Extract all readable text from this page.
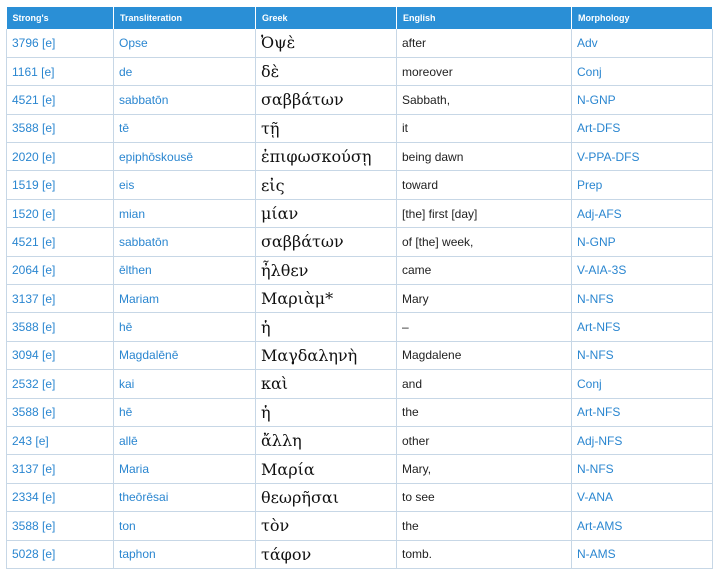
Strong's	Transliteration	Greek	English	Morphology
3796 [e]	Opse	Ὀψὲ	after	Adv
1161 [e]	de	δὲ	moreover	Conj
4521 [e]	sabbatōn	σαββάτων	Sabbath,	N-GNP
3588 [e]	tē	τῇ	it	Art-DFS
2020 [e]	epiphōskousē	ἐπιφωσκούσῃ	being dawn	V-PPA-DFS
1519 [e]	eis	εἰς	toward	Prep
1520 [e]	mian	μίαν	[the] first [day]	Adj-AFS
4521 [e]	sabbatōn	σαββάτων	of [the] week,	N-GNP
2064 [e]	ēlthen	ἦλθεν	came	V-AIA-3S
3137 [e]	Mariam	Μαριὰμ*	Mary	N-NFS
3588 [e]	hē	ἡ	–	Art-NFS
3094 [e]	Magdalēnē	Μαγδαληνὴ	Magdalene	N-NFS
2532 [e]	kai	καὶ	and	Conj
3588 [e]	hē	ἡ	the	Art-NFS
243 [e]	allē	ἄλλη	other	Adj-NFS
3137 [e]	Maria	Μαρία	Mary,	N-NFS
2334 [e]	theōrēsai	θεωρῆσαι	to see	V-ANA
3588 [e]	ton	τὸν	the	Art-AMS
5028 [e]	taphon	τάφον	tomb.	N-AMS
